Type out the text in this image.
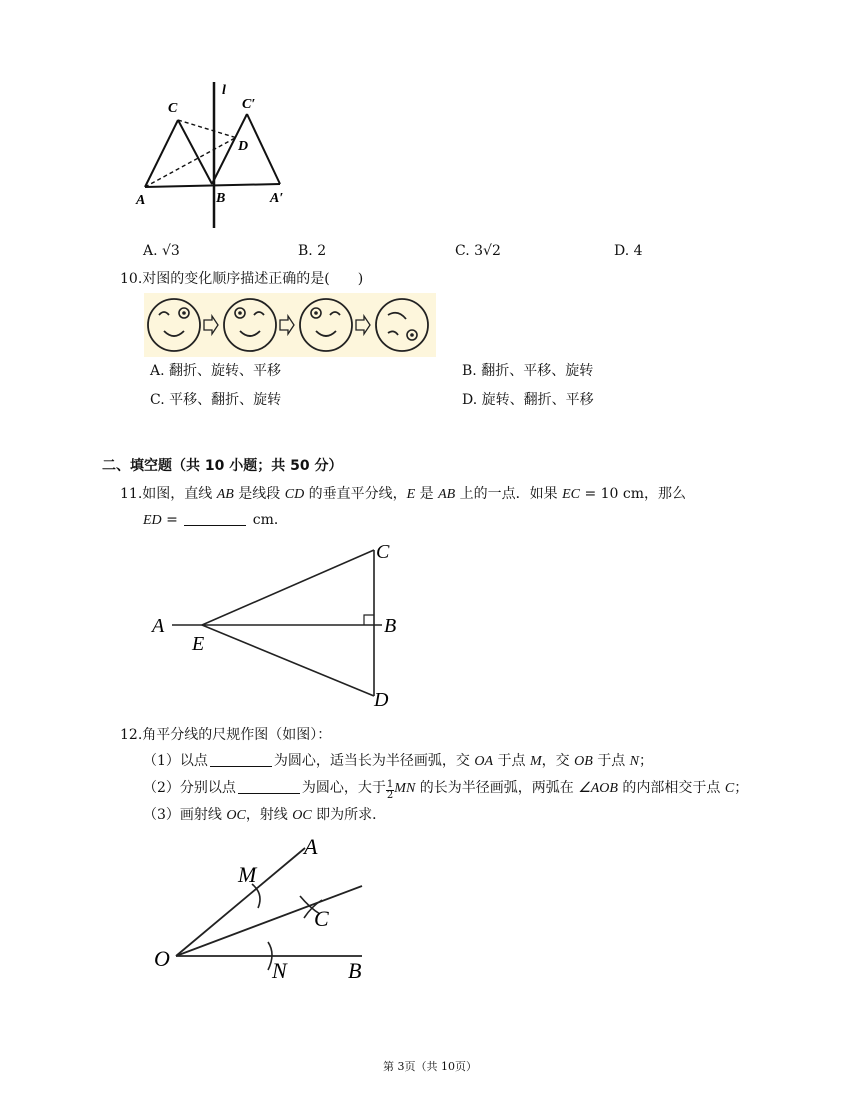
l
C	C′
D
A	B	A′
A. √3	B. 2	C. 3√2	D. 4
10.对图的变化顺序描述正确的是(　　)
A. 翻折、旋转、平移	B. 翻折、平移、旋转
C. 平移、翻折、旋转	D. 旋转、翻折、平移
二、填空题（共 10 小题；共 50 分）
11.如图，直线 AB 是线段 CD 的垂直平分线，E 是 AB 上的一点．如果 EC = 10 cm，那么
ED =	cm．
A
E
B
C
D
12.角平分线的尺规作图（如图）：
（1）以点	为圆心，适当长为半径画弧，交 OA 于点 M，交 OB 于点 N；
（2）分别以点	为圆心，大于 $\frac{1}{2}$ MN 的长为半径画弧，两弧在 ∠AOB 的内部相交于点 C；
（3）画射线 OC，射线 OC 即为所求．
O
M
A
C
N	B
第 3页（共 10页）
